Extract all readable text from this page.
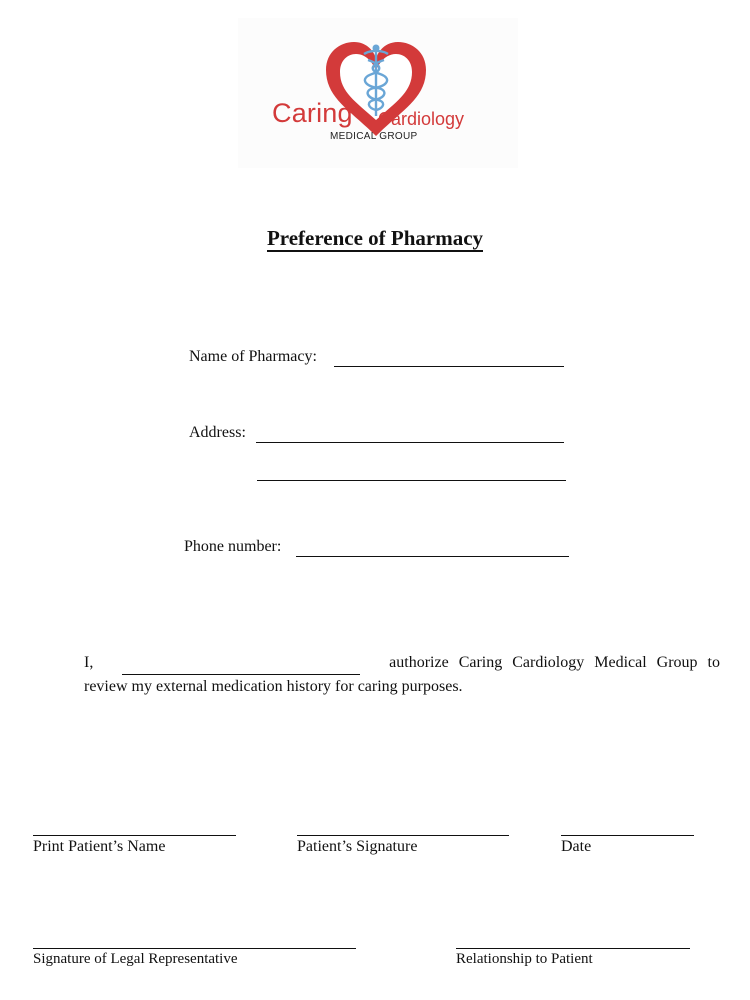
Caring Cardiology
MEDICAL GROUP
Preference of Pharmacy
Name of Pharmacy:
Address:
Phone number:
I,	authorize Caring Cardiology Medical Group to
review my external medication history for caring purposes.
Print Patient’s Name	Patient’s Signature	Date
Signature of Legal Representative	Relationship to Patient
